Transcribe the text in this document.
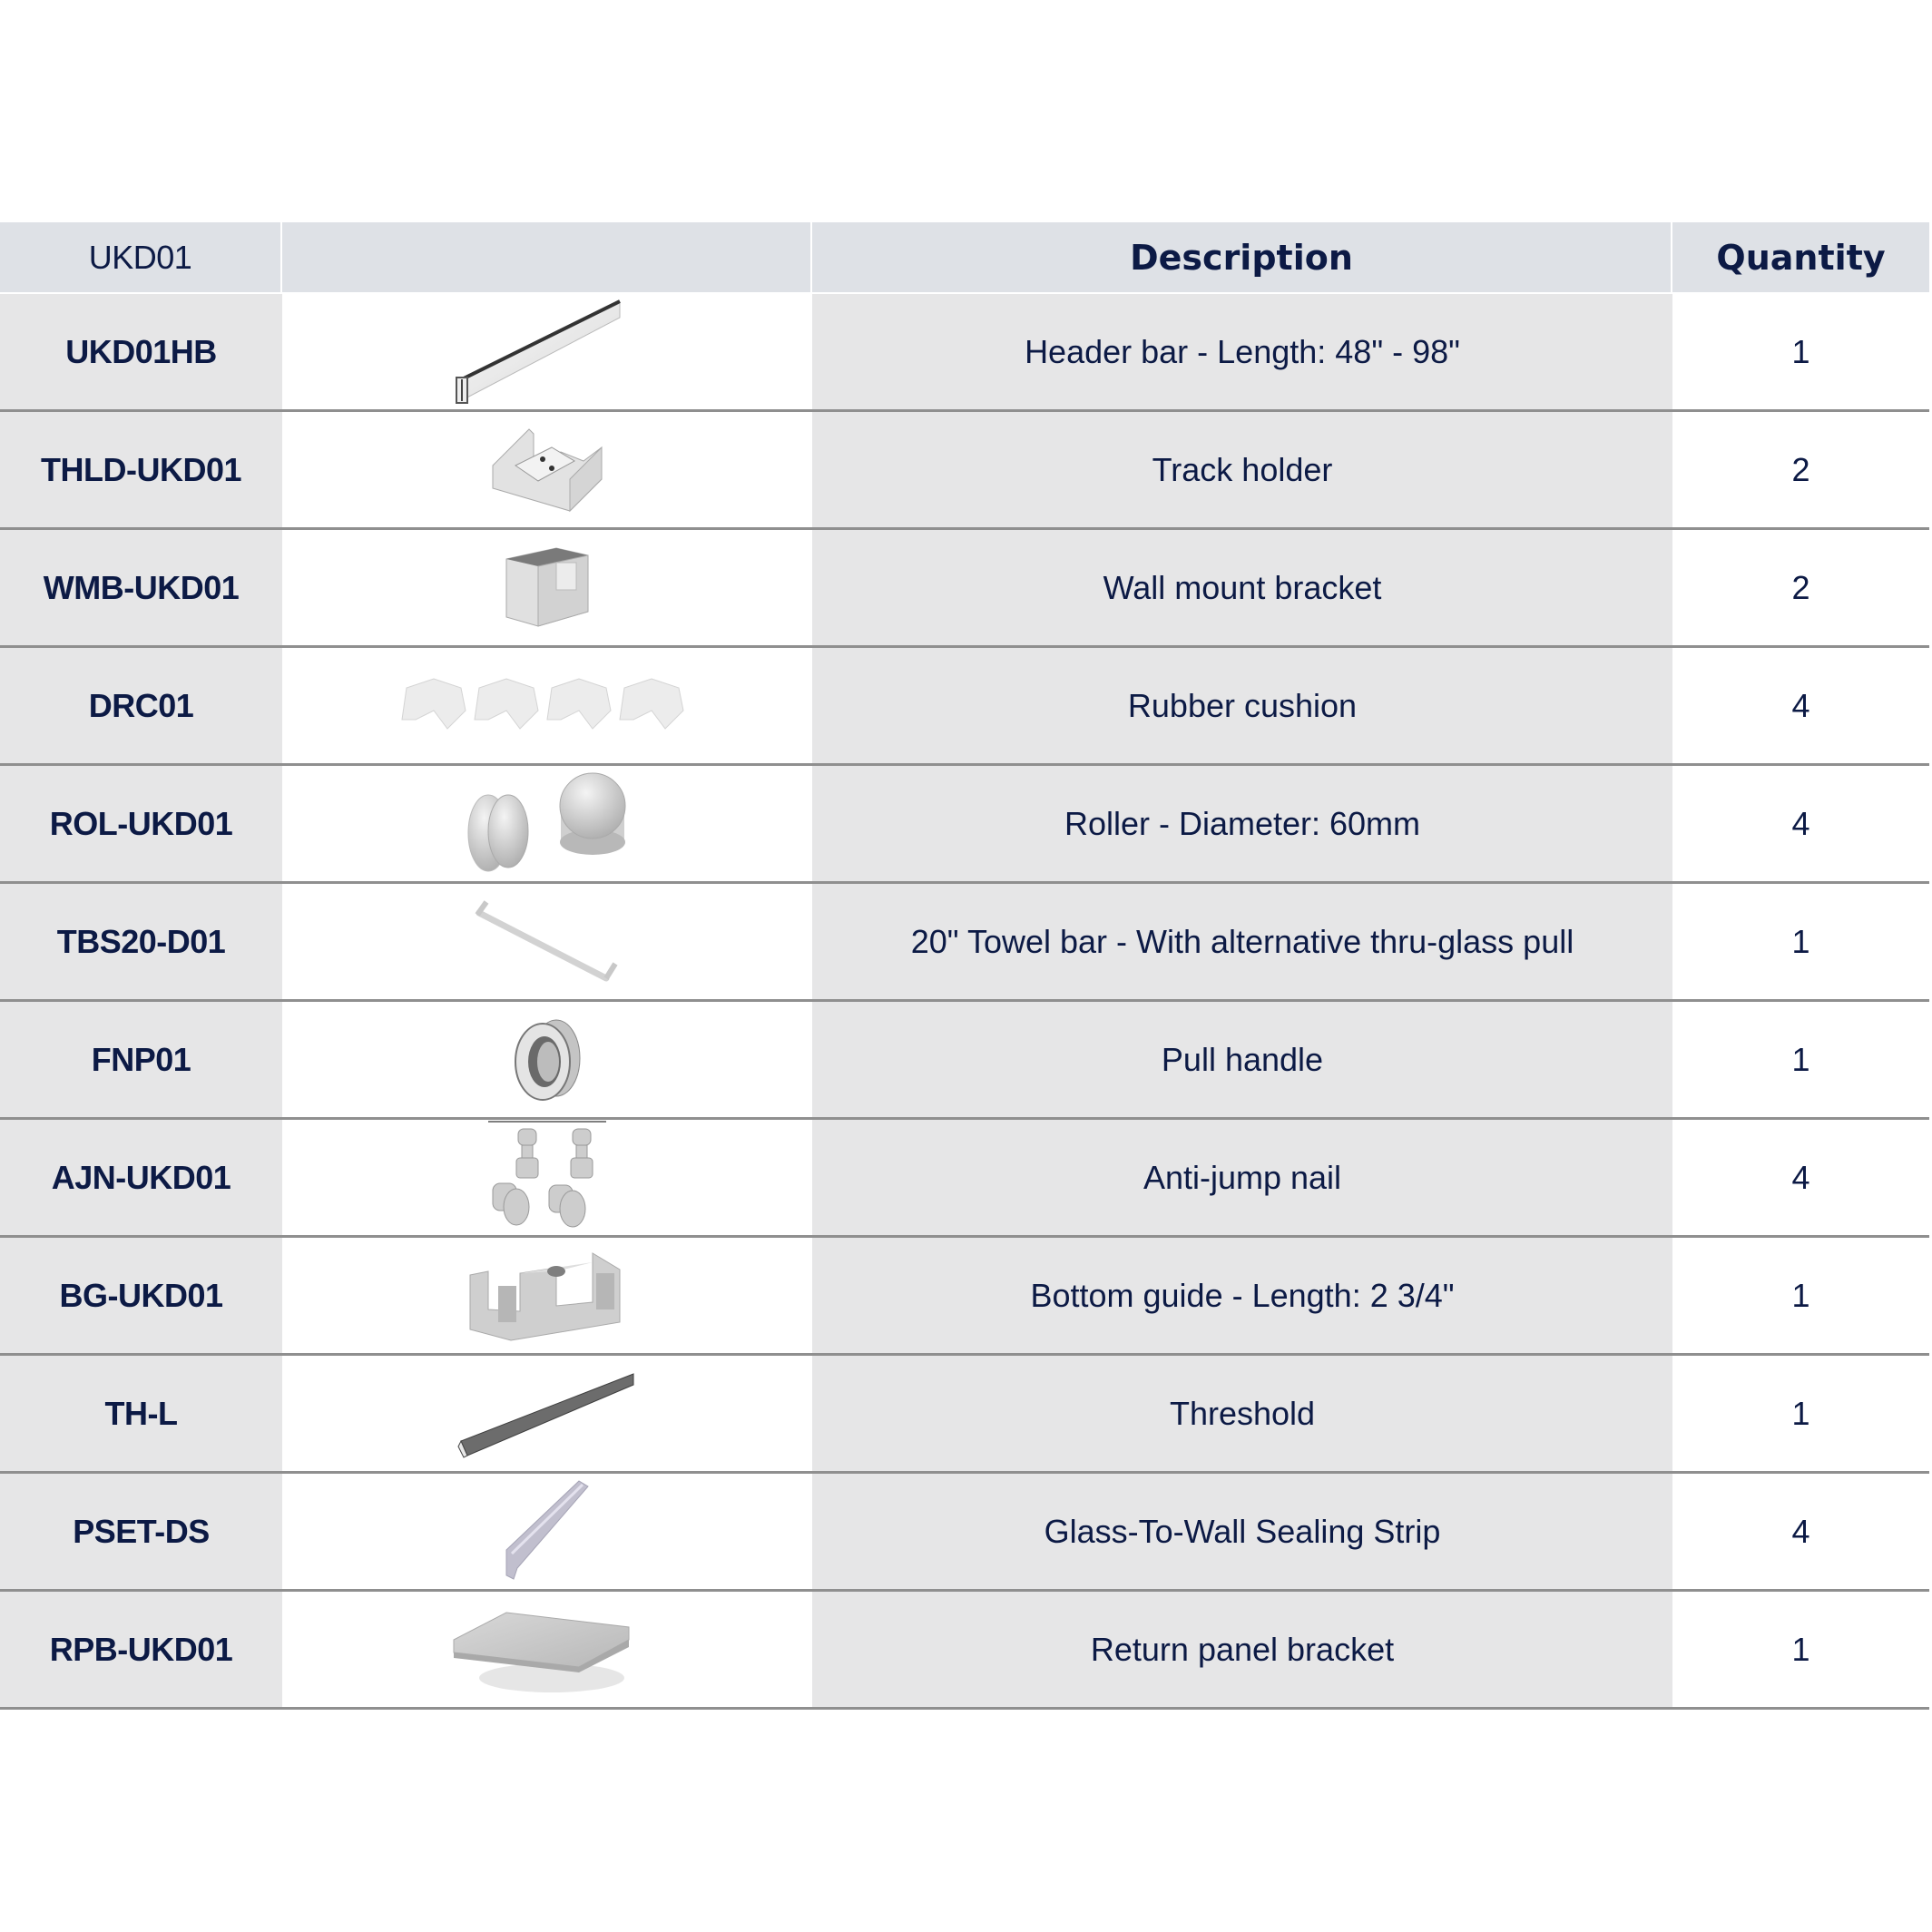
UKD01	Description	Quantity
UKD01HB	Header bar - Length: 48" - 98"	1
THLD-UKD01	Track holder	2
WMB-UKD01	Wall mount bracket	2
DRC01	Rubber cushion	4
ROL-UKD01	Roller - Diameter: 60mm	4
TBS20-D01	20" Towel bar - With alternative thru-glass pull	1
FNP01	Pull handle	1
AJN-UKD01	Anti-jump nail	4
BG-UKD01	Bottom guide - Length: 2 3/4"	1
TH-L	Threshold	1
PSET-DS	Glass-To-Wall Sealing Strip	4
RPB-UKD01	Return panel bracket	1
